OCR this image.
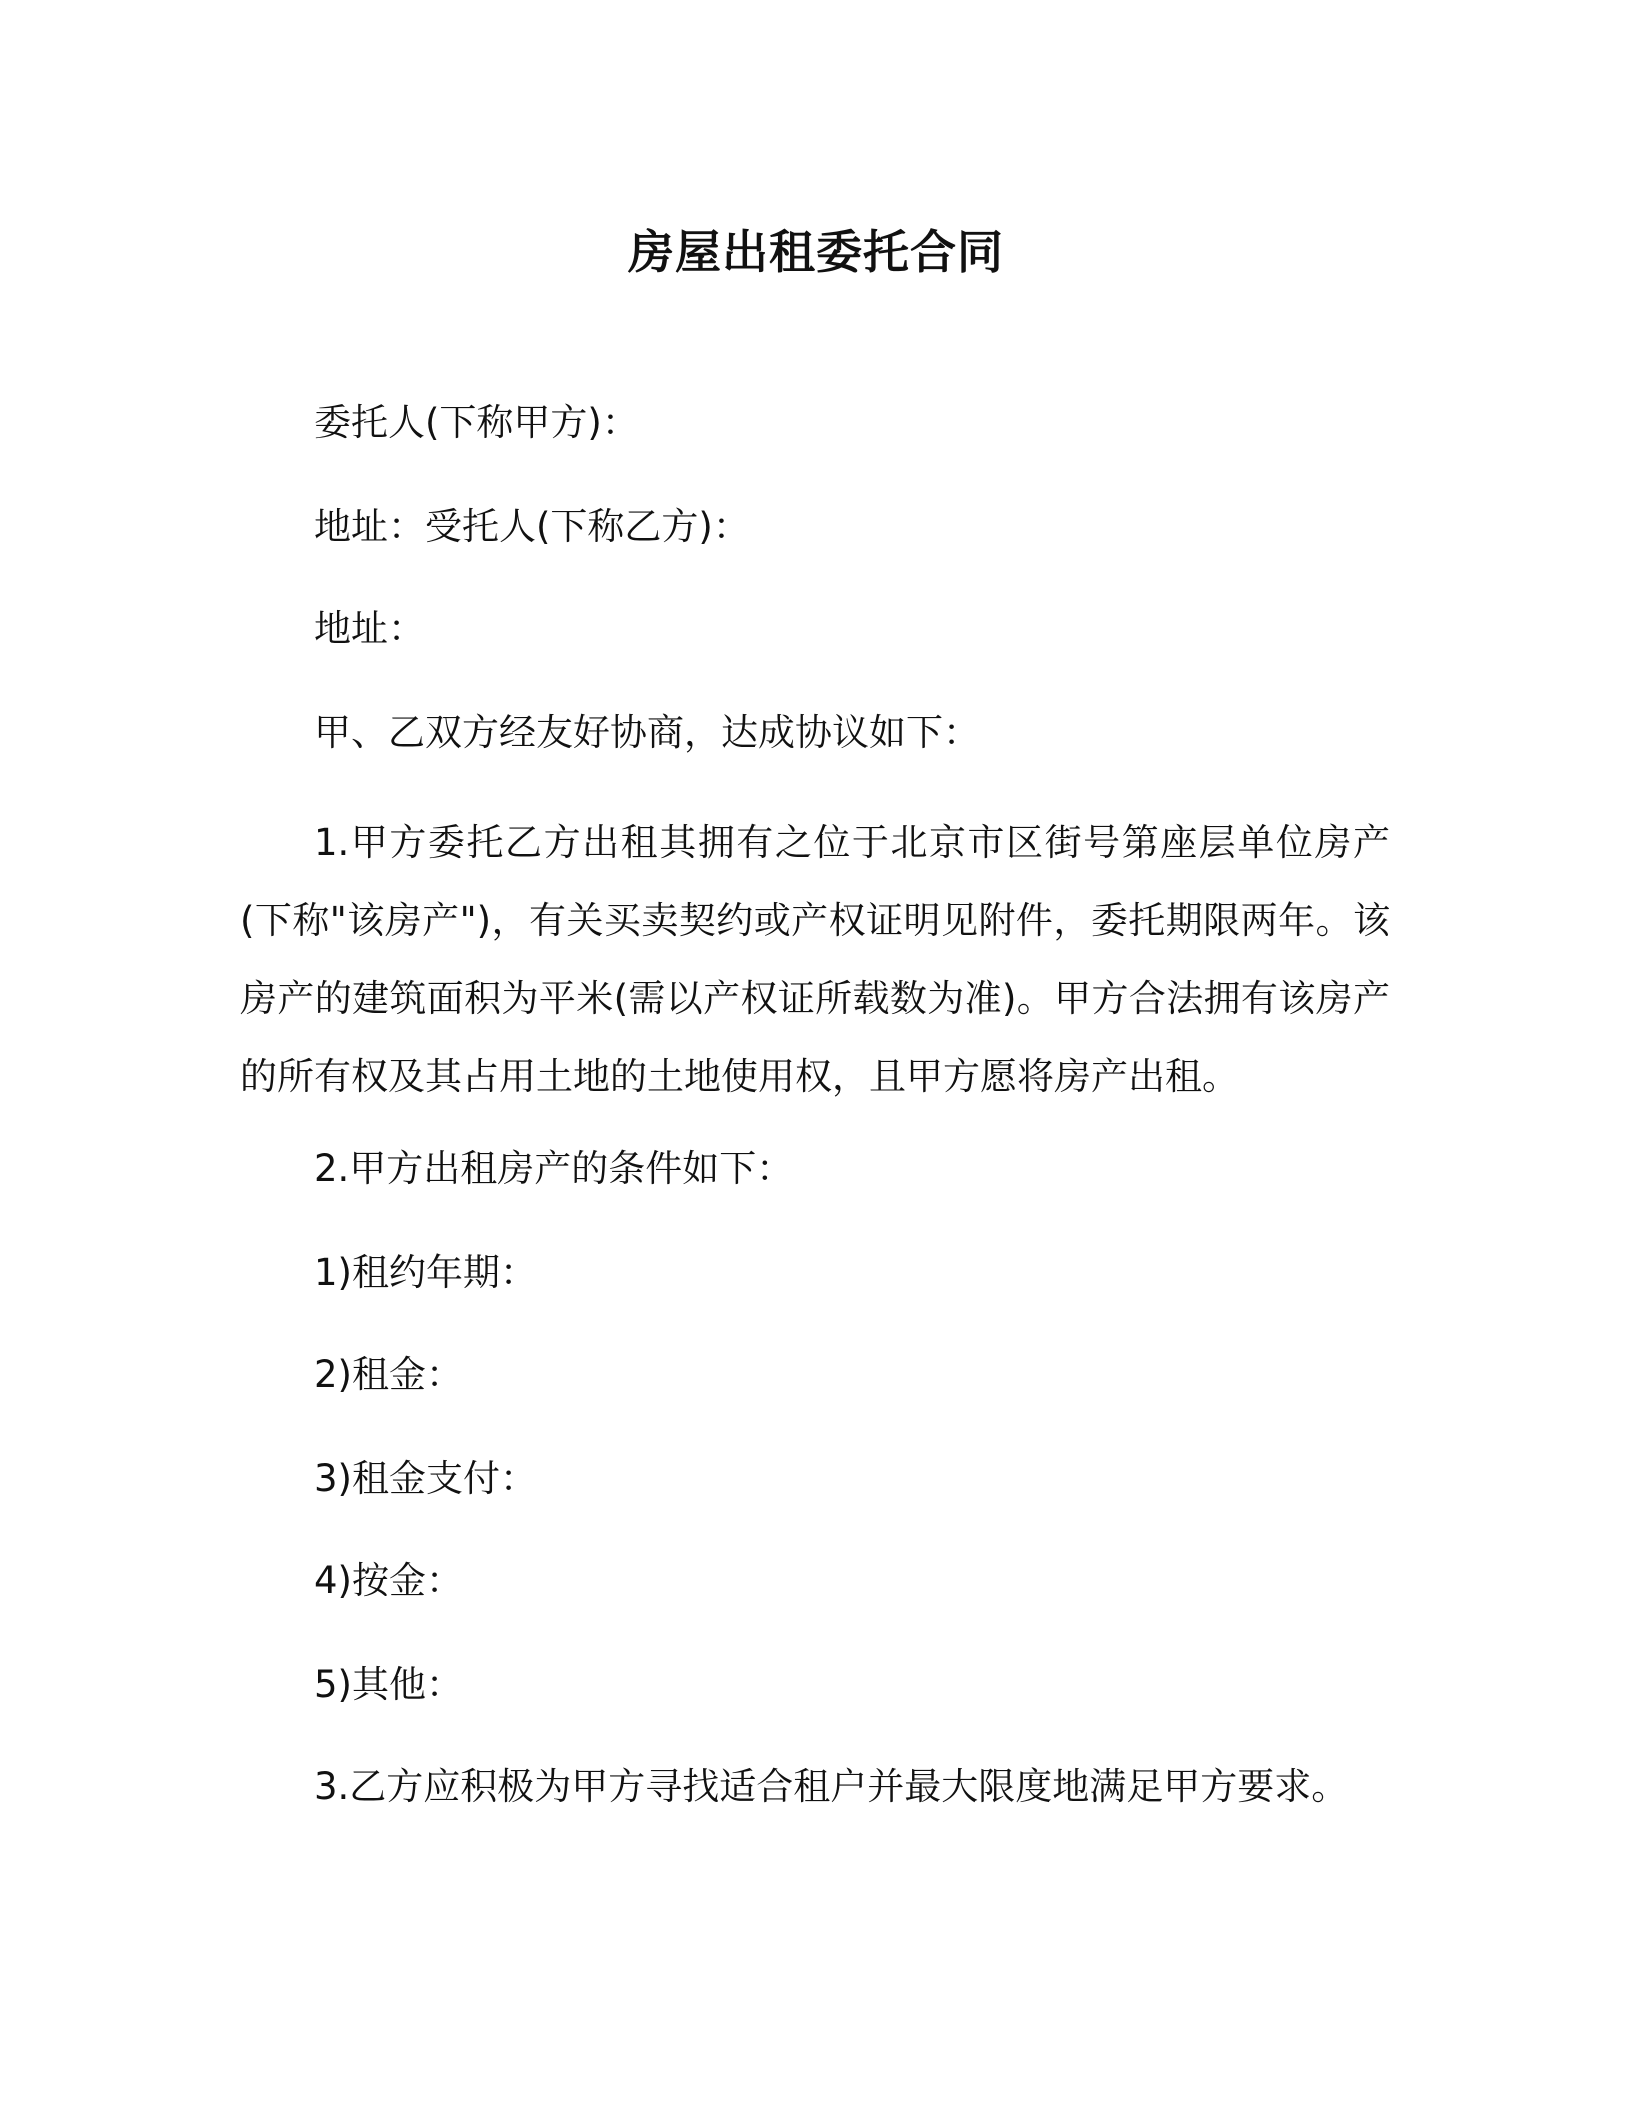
房屋出租委托合同
委托人(下称甲方)：
地址：受托人(下称乙方)：
地址：
甲、乙双方经友好协商，达成协议如下：
1.甲方委托乙方出租其拥有之位于北京市区街号第座层单位房产(下称"该房产")，有关买卖契约或产权证明见附件，委托期限两年。该房产的建筑面积为平米(需以产权证所载数为准)。甲方合法拥有该房产的所有权及其占用土地的土地使用权，且甲方愿将房产出租。
2.甲方出租房产的条件如下：
1)租约年期：
2)租金：
3)租金支付：
4)按金：
5)其他：
3.乙方应积极为甲方寻找适合租户并最大限度地满足甲方要求。
